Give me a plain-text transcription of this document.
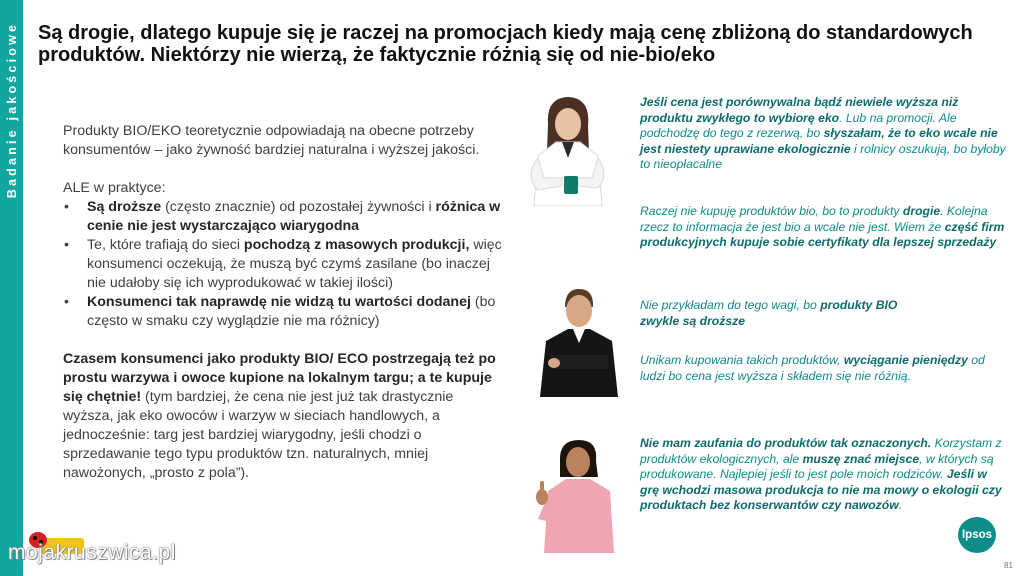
Badanie jakościowe Są drogie, dlatego kupuje się je raczej na promocjach kiedy mają cenę zbliżoną do standardowych produktów. Niektórzy nie wierzą, że faktycznie różnią się od nie-bio/eko

Produkty BIO/EKO teoretycznie odpowiadają na obecne potrzeby konsumentów – jako żywność bardziej naturalna i wyższej jakości.

ALE w praktyce:

• Są droższe (często znacznie) od pozostałej żywności i różnica w cenie nie jest wystarczająco wiarygodna
• Te, które trafiają do sieci pochodzą z masowych produkcji, więc konsumenci oczekują, że muszą być czymś zasilane (bo inaczej nie udałoby się ich wyprodukować w takiej ilości)
• Konsumenci tak naprawdę nie widzą tu wartości dodanej (bo często w smaku czy wyglądzie nie ma różnicy)

Czasem konsumenci jako produkty BIO/ ECO postrzegają też po prostu warzywa i owoce kupione na lokalnym targu; a te kupuje się chętnie! (tym bardziej, że cena nie jest już tak drastycznie wyższa, jak eko owoców i warzyw w sieciach handlowych, a jednocześnie: targ jest bardziej wiarygodny, jeśli chodzi o sprzedawanie tego typu produktów tzn. naturalnych, mniej nawożonych, „prosto z pola”).

Jeśli cena jest porównywalna bądź niewiele wyższa niż produktu zwykłego to wybiorę eko. Lub na promocji. Ale podchodzę do tego z rezerwą, bo słyszałam, że to eko wcale nie jest niestety uprawiane ekologicznie i rolnicy oszukują, bo byłoby to nieopłacalne
Raczej nie kupuję produktów bio, bo to produkty drogie. Kolejna rzecz to informacja że jest bio a wcale nie jest. Wiem że część firm produkcyjnych kupuje sobie certyfikaty dla lepszej sprzedaży
Nie przykładam do tego wagi, bo produkty BIO zwykle są droższe
Unikam kupowania takich produktów, wyciąganie pieniędzy od ludzi bo cena jest wyższa i składem się nie różnią.
Nie mam zaufania do produktów tak oznaczonych. Korzystam z produktów ekologicznych, ale muszę znać miejsce, w których są produkowane. Najlepiej jeśli to jest pole moich rodziców. Jeśli w grę wchodzi masowa produkcja to nie ma mowy o ekologii czy produktach bez konserwantów czy nawozów.
Ipsos
81
mojakruszwica.pl
